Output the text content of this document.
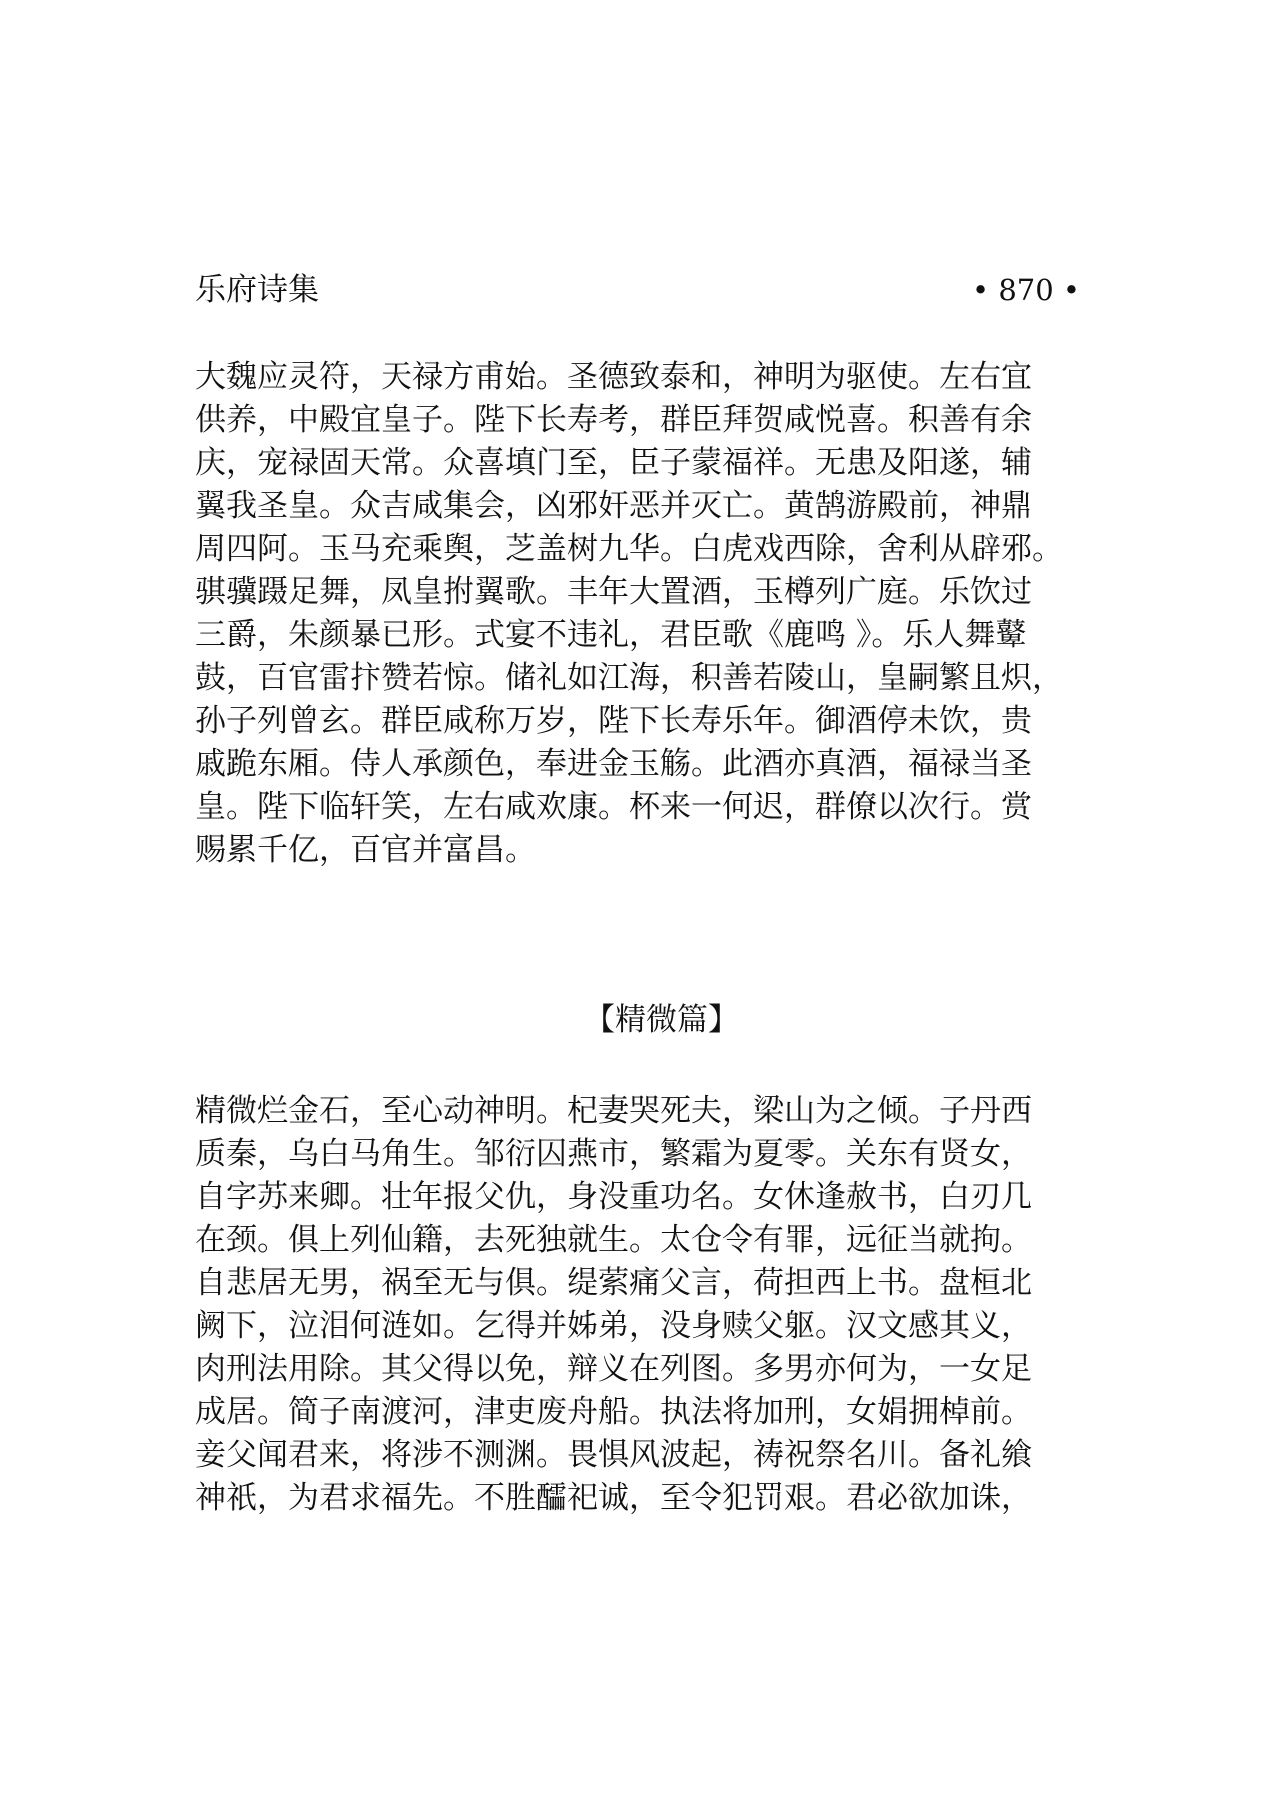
乐府诗集	• 870 •
大魏应灵符，天禄方甫始。圣德致泰和，神明为驱使。左右宜
供养，中殿宜皇子。陛下长寿考，群臣拜贺咸悦喜。积善有余
庆，宠禄固天常。众喜填门至，臣子蒙福祥。无患及阳遂，辅
翼我圣皇。众吉咸集会，凶邪奸恶并灭亡。黄鹄游殿前，神鼎
周四阿。玉马充乘舆，芝盖树九华。白虎戏西除，舍利从辟邪。
骐骥蹑足舞，凤皇拊翼歌。丰年大置酒，玉樽列广庭。乐饮过
三爵，朱颜暴已形。式宴不违礼，君臣歌《鹿鸣 》。乐人舞鼙
鼓，百官雷抃赞若惊。储礼如江海，积善若陵山，皇嗣繁且炽，
孙子列曾玄。群臣咸称万岁，陛下长寿乐年。御酒停未饮，贵
戚跪东厢。侍人承颜色，奉进金玉觞。此酒亦真酒，福禄当圣
皇。陛下临轩笑，左右咸欢康。杯来一何迟，群僚以次行。赏
赐累千亿，百官并富昌。
【精微篇】
精微烂金石，至心动神明。杞妻哭死夫，梁山为之倾。子丹西
质秦，乌白马角生。邹衍囚燕市，繁霜为夏零。关东有贤女，
自字苏来卿。壮年报父仇，身没重功名。女休逢赦书，白刃几
在颈。俱上列仙籍，去死独就生。太仓令有罪，远征当就拘。
自悲居无男，祸至无与俱。缇萦痛父言，荷担西上书。盘桓北
阙下，泣泪何涟如。乞得并姊弟，没身赎父躯。汉文感其义，
肉刑法用除。其父得以免，辩义在列图。多男亦何为，一女足
成居。简子南渡河，津吏废舟船。执法将加刑，女娟拥棹前。
妾父闻君来，将涉不测渊。畏惧风波起，祷祝祭名川。备礼飨
神祇，为君求福先。不胜醽祀诚，至令犯罚艰。君必欲加诛，
